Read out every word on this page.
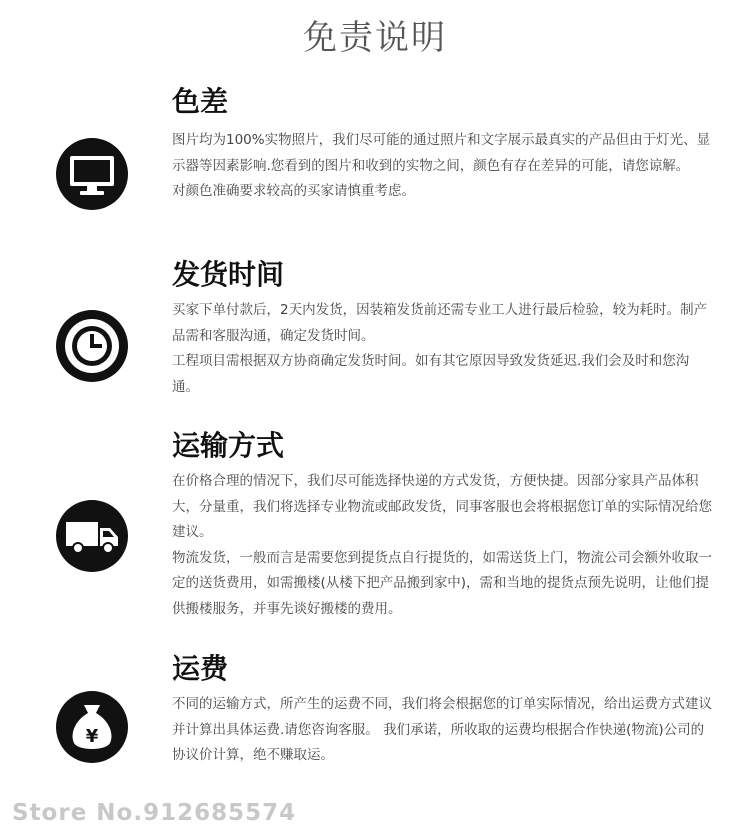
免责说明
色差

图片均为100%实物照片，我们尽可能的通过照片和文字展示最真实的产品但由于灯光、显示器等因素影响.您看到的图片和收到的实物之间，颜色有存在差异的可能，请您谅解。

对颜色准确要求较高的买家请慎重考虑。

发货时间

买家下单付款后，2天内发货，因装箱发货前还需专业工人进行最后检验，较为耗时。制产品需和客服沟通，确定发货时间。

工程项目需根据双方协商确定发货时间。如有其它原因导致发货延迟.我们会及时和您沟通。

运输方式

在价格合理的情况下，我们尽可能选择快递的方式发货，方便快捷。因部分家具产品体积大，分量重，我们将选择专业物流或邮政发货，同事客服也会将根据您订单的实际情况给您建议。

物流发货，一般而言是需要您到提货点自行提货的，如需送货上门，物流公司会额外收取一定的送货费用，如需搬楼(从楼下把产品搬到家中)，需和当地的提货点预先说明，让他们提供搬楼服务，并事先谈好搬楼的费用。

运费
¥

不同的运输方式，所产生的运费不同，我们将会根据您的订单实际情况，给出运费方式建议并计算出具体运费.请您咨询客服。 我们承诺，所收取的运费均根据合作快递(物流)公司的协议价计算，绝不赚取运。

Store No.912685574
